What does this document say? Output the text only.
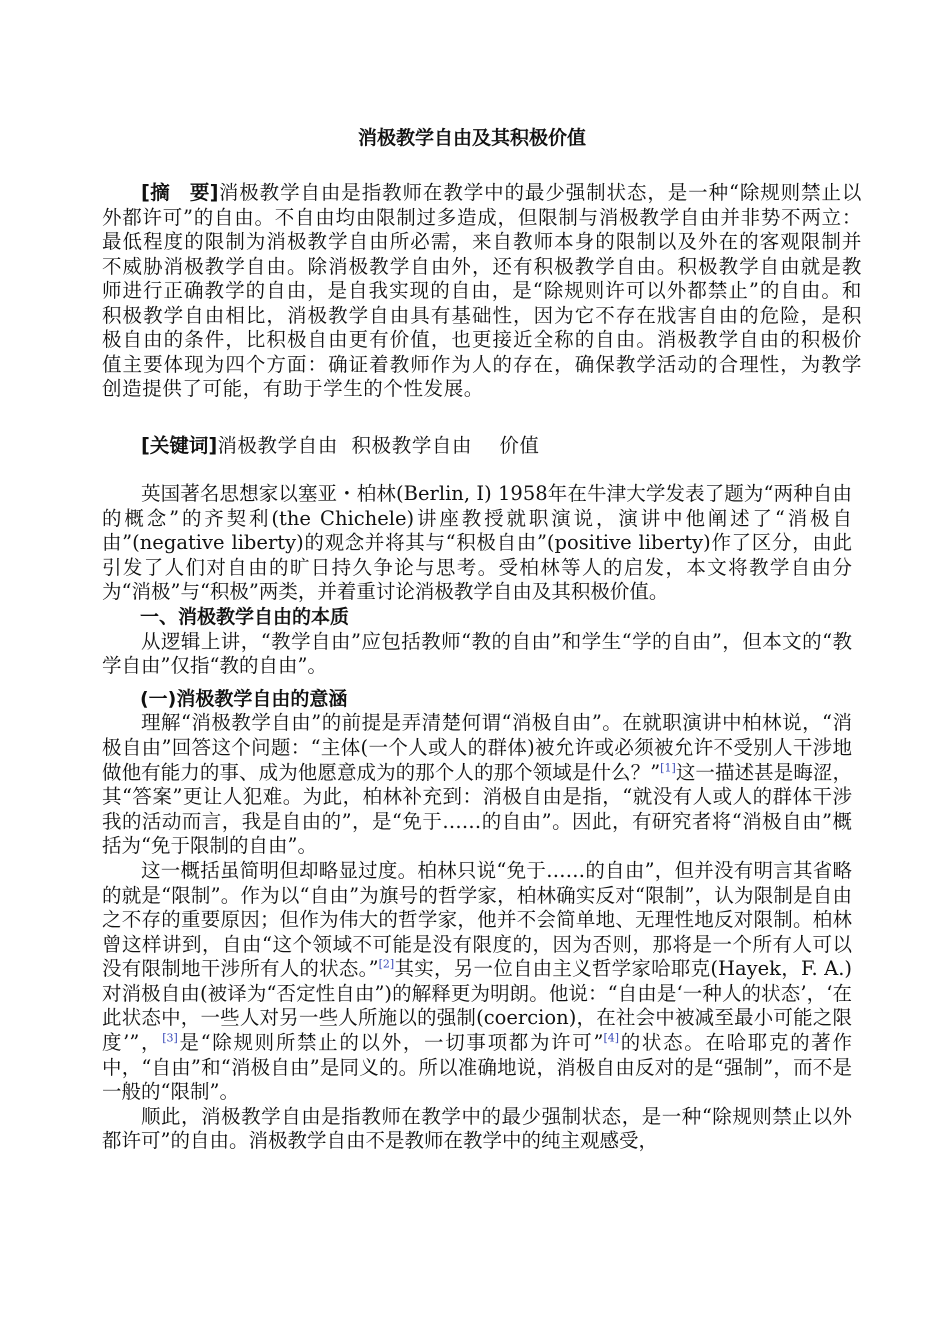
消极教学自由及其积极价值

[摘　要]消极教学自由是指教师在教学中的最少强制状态，是一种“除规则禁止以外都许可”的自由。不自由均由限制过多造成，但限制与消极教学自由并非势不两立：最低程度的限制为消极教学自由所必需，来自教师本身的限制以及外在的客观限制并不威胁消极教学自由。除消极教学自由外，还有积极教学自由。积极教学自由就是教师进行正确教学的自由，是自我实现的自由，是“除规则许可以外都禁止”的自由。和积极教学自由相比，消极教学自由具有基础性，因为它不存在戕害自由的危险，是积极自由的条件，比积极自由更有价值，也更接近全称的自由。消极教学自由的积极价值主要体现为四个方面：确证着教师作为人的存在，确保教学活动的合理性，为教学创造提供了可能，有助于学生的个性发展。

[关键词]消极教学自由  积极教学自由    价值

英国著名思想家以塞亚・柏林(Berlin, I) 1958年在牛津大学发表了题为“两种自由的概念”的齐契利(the Chichele)讲座教授就职演说，演讲中他阐述了“消极自由”(negative liberty)的观念并将其与“积极自由”(positive liberty)作了区分，由此引发了人们对自由的旷日持久争论与思考。受柏林等人的启发，本文将教学自由分为“消极”与“积极”两类，并着重讨论消极教学自由及其积极价值。

一、消极教学自由的本质

从逻辑上讲，“教学自由”应包括教师“教的自由”和学生“学的自由”，但本文的“教学自由”仅指“教的自由”。

(一)消极教学自由的意涵

理解“消极教学自由”的前提是弄清楚何谓“消极自由”。在就职演讲中柏林说，“消极自由”回答这个问题：“主体(一个人或人的群体)被允许或必须被允许不受别人干涉地做他有能力的事、成为他愿意成为的那个人的那个领域是什么？”[1]这一描述甚是晦涩，其“答案”更让人犯难。为此，柏林补充到：消极自由是指，“就没有人或人的群体干涉我的活动而言，我是自由的”，是“免于……的自由”。因此，有研究者将“消极自由”概括为“免于限制的自由”。

这一概括虽简明但却略显过度。柏林只说“免于……的自由”，但并没有明言其省略的就是“限制”。作为以“自由”为旗号的哲学家，柏林确实反对“限制”，认为限制是自由之不存的重要原因；但作为伟大的哲学家，他并不会简单地、无理性地反对限制。柏林曾这样讲到，自由“这个领域不可能是没有限度的，因为否则，那将是一个所有人可以没有限制地干涉所有人的状态。”[2]其实，另一位自由主义哲学家哈耶克(Hayek，F. A.)对消极自由(被译为“否定性自由”)的解释更为明朗。他说：“自由是‘一种人的状态’，‘在此状态中，一些人对另一些人所施以的强制(coercion)，在社会中被减至最小可能之限度’”，[3]是“除规则所禁止的以外，一切事项都为许可”[4]的状态。在哈耶克的著作中，“自由”和“消极自由”是同义的。所以准确地说，消极自由反对的是“强制”，而不是一般的“限制”。

顺此，消极教学自由是指教师在教学中的最少强制状态，是一种“除规则禁止以外都许可”的自由。消极教学自由不是教师在教学中的纯主观感受，
